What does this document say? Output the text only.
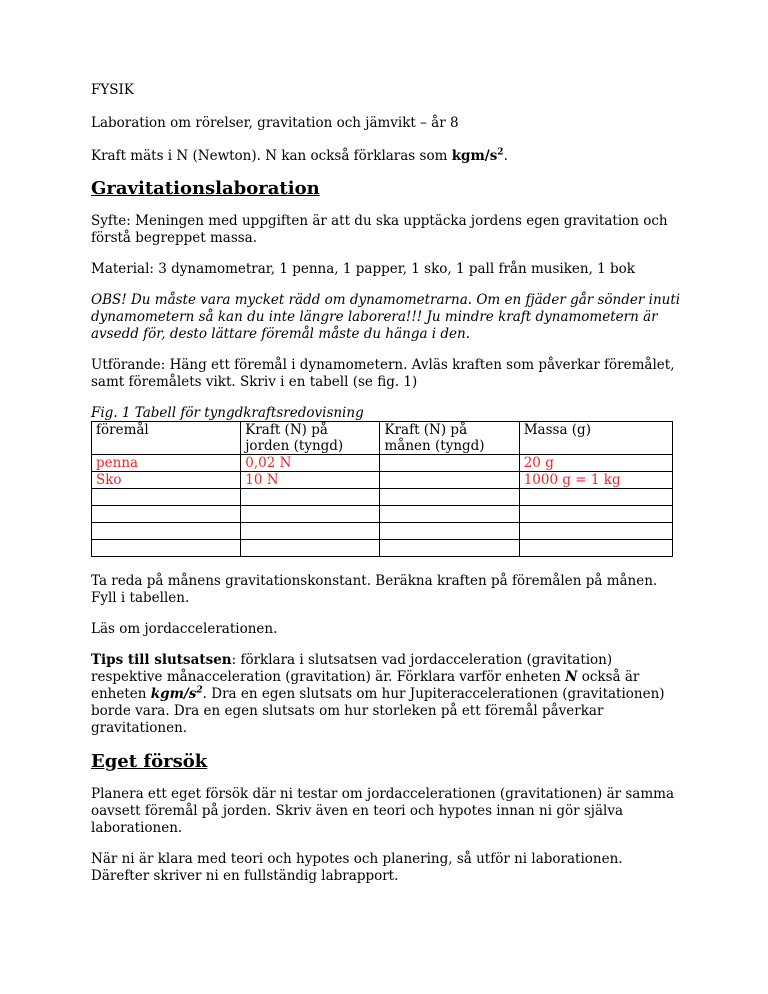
FYSIK

Laboration om rörelser, gravitation och jämvikt – år 8

Kraft mäts i N (Newton). N kan också förklaras som kgm/$s^2$.

Gravitationslaboration

Syfte: Meningen med uppgiften är att du ska upptäcka jordens egen gravitation och förstå begreppet massa.

Material: 3 dynamometrar, 1 penna, 1 papper, 1 sko, 1 pall från musiken, 1 bok

OBS! Du måste vara mycket rädd om dynamometrarna. Om en fjäder går sönder inuti dynamometern så kan du inte längre laborera!!! Ju mindre kraft dynamometern är avsedd för, desto lättare föremål måste du hänga i den.

Utförande: Häng ett föremål i dynamometern. Avläs kraften som påverkar föremålet, samt föremålets vikt. Skriv i en tabell (se fig. 1)

Fig. 1 Tabell för tyngdkraftsredovisning
föremål	Kraft (N) på jorden (tyngd)	Kraft (N) på månen (tyngd)	Massa (g)
penna	0,02 N		20 g
Sko	10 N		1000 g = 1 kg

Ta reda på månens gravitationskonstant. Beräkna kraften på föremålen på månen. Fyll i tabellen.

Läs om jordaccelerationen.

Tips till slutsatsen: förklara i slutsatsen vad jordacceleration (gravitation) respektive månacceleration (gravitation) är. Förklara varför enheten N också är enheten kgm/$s^2$. Dra en egen slutsats om hur Jupiteraccelerationen (gravitationen) borde vara. Dra en egen slutsats om hur storleken på ett föremål påverkar gravitationen.

Eget försök

Planera ett eget försök där ni testar om jordaccelerationen (gravitationen) är samma oavsett föremål på jorden. Skriv även en teori och hypotes innan ni gör själva laborationen.

När ni är klara med teori och hypotes och planering, så utför ni laborationen. Därefter skriver ni en fullständig labrapport.
